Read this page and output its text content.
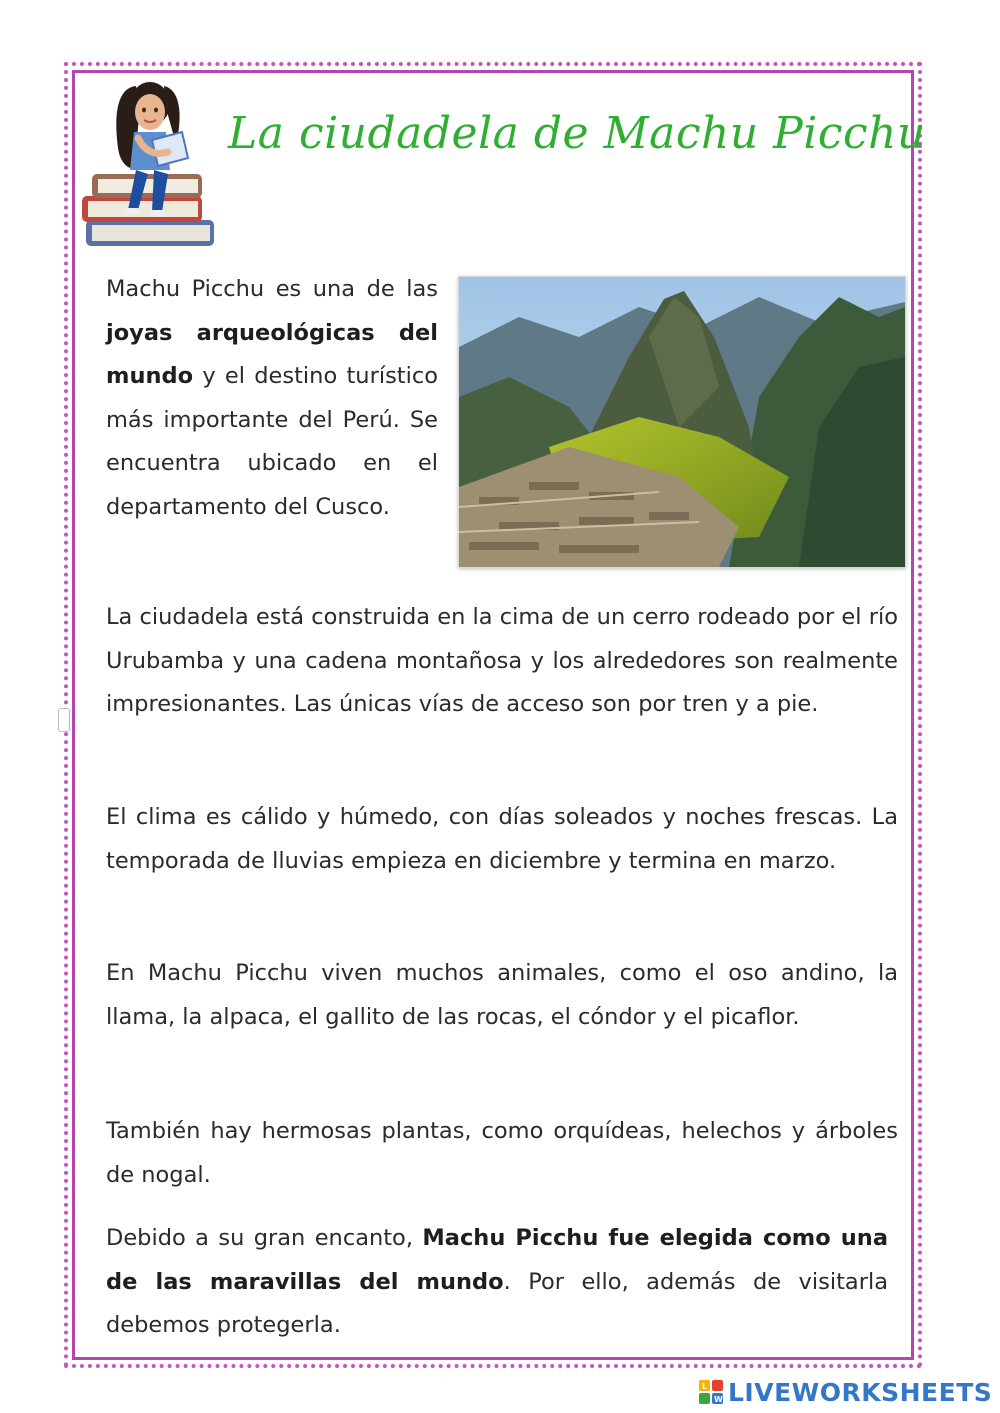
La ciudadela de Machu Picchu

Machu Picchu es una de las joyas arqueológicas del mundo y el destino turístico más importante del Perú. Se encuentra ubicado en el departamento del Cusco.

La ciudadela está construida en la cima de un cerro rodeado por el río Urubamba y una cadena montañosa y los alrededores son realmente impresionantes. Las únicas vías de acceso son por tren y a pie.

El clima es cálido y húmedo, con días soleados y noches frescas. La temporada de lluvias empieza en diciembre y termina en marzo.

En Machu Picchu viven muchos animales, como el oso andino, la llama, la alpaca, el gallito de las rocas, el cóndor y el picaflor.

También hay hermosas plantas, como orquídeas, helechos y árboles de nogal.

Debido a su gran encanto, Machu Picchu fue elegida como una de las maravillas del mundo. Por ello, además de visitarla debemos protegerla.

L
W LIVEWORKSHEETS
